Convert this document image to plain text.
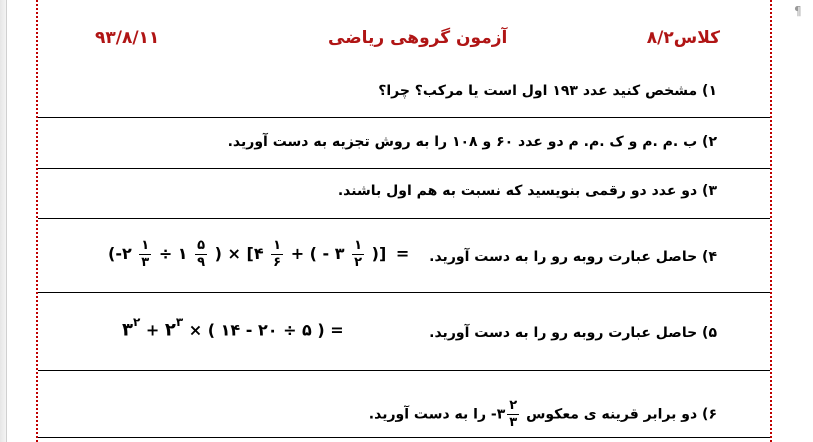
¶
کلاس۸/۲
آزمون گروهی ریاضی
۹۳/۸/۱۱
۱) مشخص کنید عدد ۱۹۳ اول است یا مرکب؟ چرا؟
۲) ب .م .م و ک .م. م دو عدد ۶۰ و ۱۰۸ را به روش تجزیه به دست آورید.
۳) دو عدد دو رقمی بنویسید که نسبت به هم اول باشند.
۴) حاصل عبارت روبه رو را به دست آورید.
(-۲ $\frac{۱}{۳}$ ÷ ۱ $\frac{۵}{۹}$ ) × [۴ $\frac{۱}{۶}$ + ( - ۳ $\frac{۱}{۲}$ )] =
۵) حاصل عبارت روبه رو را به دست آورید.
$۳^۲$ + $۲^۳$ × ( ۱۴ - ۲۰ ÷ ۵ ) =
۶) دو برابر قرینه ی معکوس
$\frac{۲}{۳}$
-۳ را به دست آورید.
